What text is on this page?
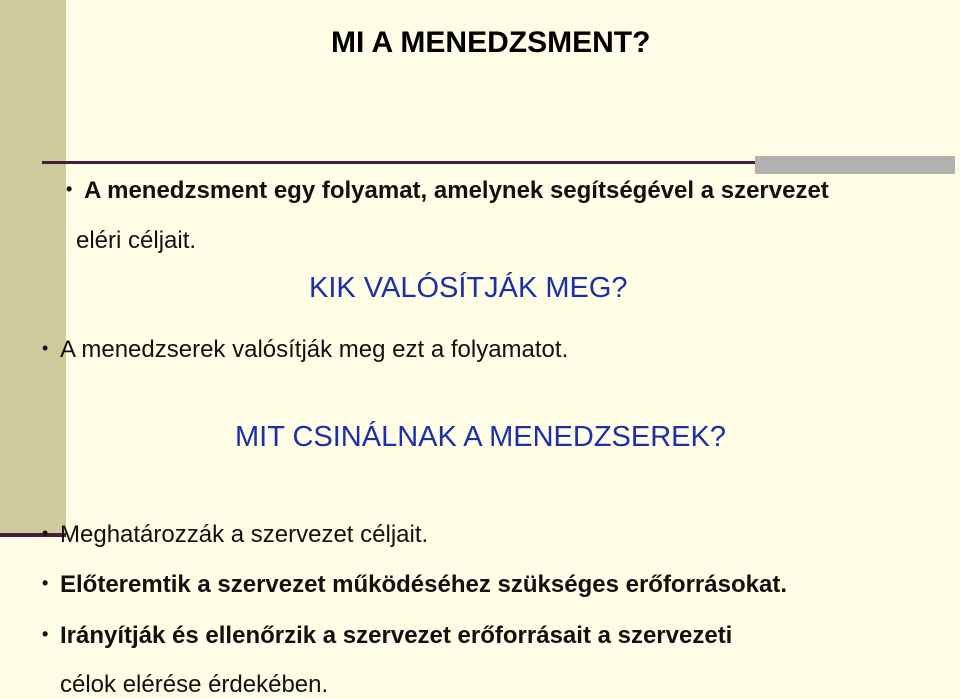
MI A MENEDZSMENT?
• A menedzsment egy folyamat, amelynek segítségével a szervezet
eléri céljait.
KIK VALÓSÍTJÁK MEG?
• A menedzserek valósítják meg ezt a folyamatot.
MIT CSINÁLNAK A MENEDZSEREK?
• Meghatározzák a szervezet céljait.
• Előteremtik a szervezet működéséhez szükséges erőforrásokat.
• Irányítják és ellenőrzik a szervezet erőforrásait a szervezeti
célok elérése érdekében.
